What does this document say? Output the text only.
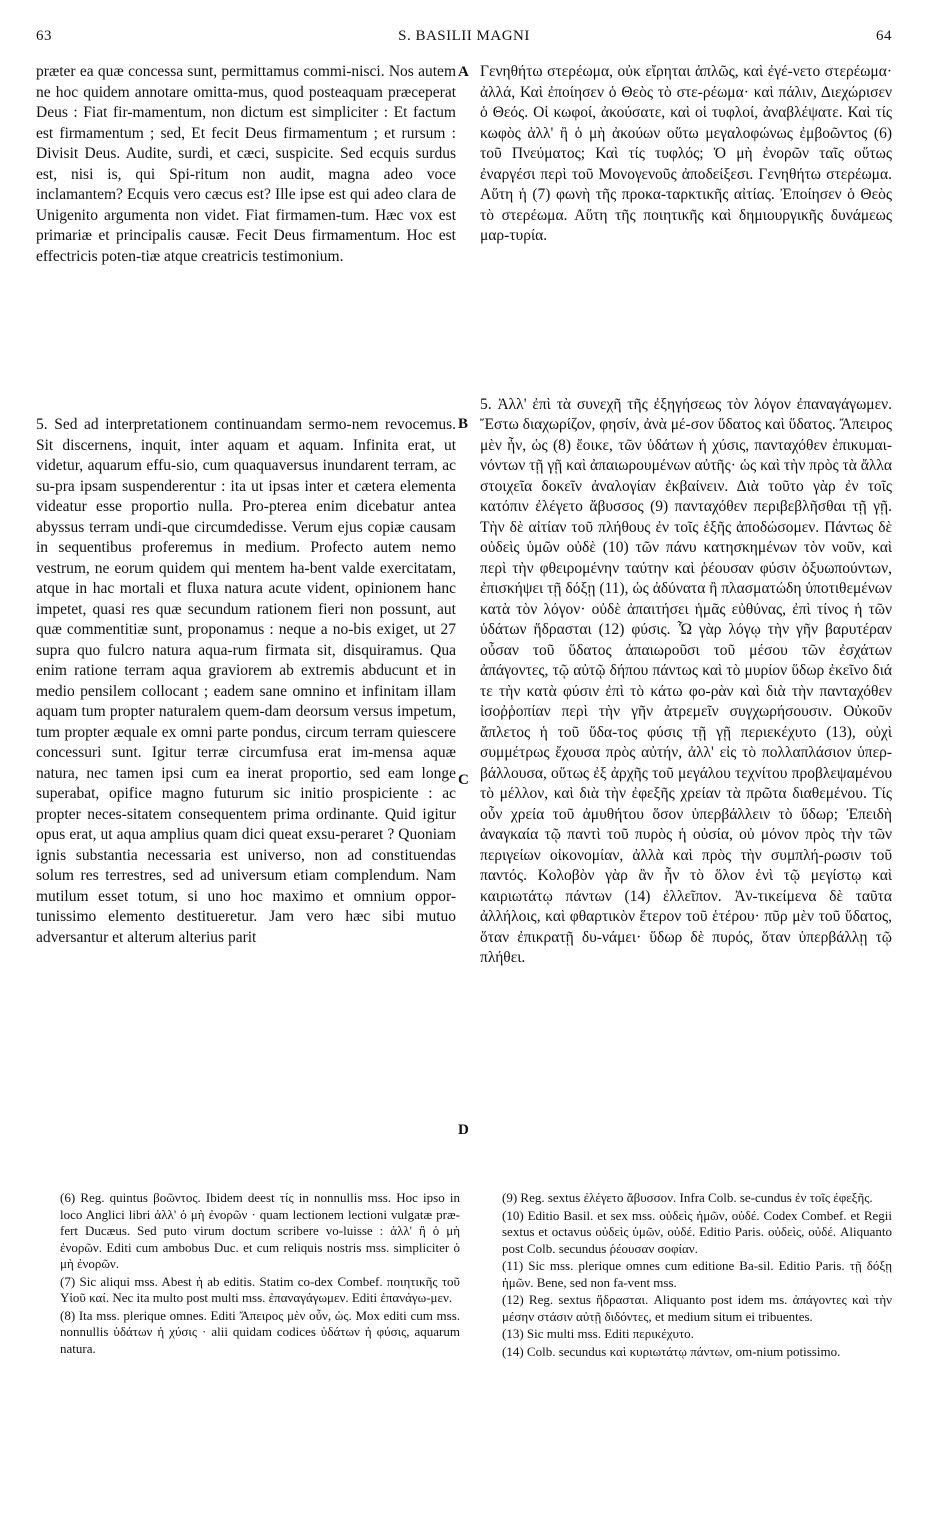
63	S. BASILII MAGNI	64

præter ea quæ concessa sunt, permittamus commi-nisci. Nos autem ne hoc quidem annotare omitta-mus, quod posteaquam præceperat Deus : Fiat fir-mamentum, non dictum est simpliciter : Et factum est firmamentum ; sed, Et fecit Deus firmamentum ; et rursum : Divisit Deus. Audite, surdi, et cæci, suspicite. Sed ecquis surdus est, nisi is, qui Spi-ritum non audit, magna adeo voce inclamantem? Ecquis vero cæcus est? Ille ipse est qui adeo clara de Unigenito argumenta non videt. Fiat firmamen-tum. Hæc vox est primariæ et principalis causæ. Fecit Deus firmamentum. Hoc est effectricis poten-tiæ atque creatricis testimonium.

5. Sed ad interpretationem continuandam sermo-nem revocemus. Sit discernens, inquit, inter aquam et aquam. Infinita erat, ut videtur, aquarum effu-sio, cum quaquaversus inundarent terram, ac su-pra ipsam suspenderentur : ita ut ipsas inter et cætera elementa videatur esse proportio nulla. Pro-pterea enim dicebatur antea abyssus terram undi-que circumdedisse. Verum ejus copiæ causam in sequentibus proferemus in medium. Profecto autem nemo vestrum, ne eorum quidem qui mentem ha-bent valde exercitatam, atque in hac mortali et fluxa natura acute vident, opinionem hanc impetet, quasi res quæ secundum rationem fieri non possunt, aut quæ commentitiæ sunt, proponamus : neque a no-bis exiget, ut 27 supra quo fulcro natura aqua-rum firmata sit, disquiramus. Qua enim ratione terram aqua graviorem ab extremis abducunt et in medio pensilem collocant ; eadem sane omnino et infinitam illam aquam tum propter naturalem quem-dam deorsum versus impetum, tum propter æquale ex omni parte pondus, circum terram quiescere concessuri sunt. Igitur terræ circumfusa erat im-mensa aquæ natura, nec tamen ipsi cum ea inerat proportio, sed eam longe superabat, opifice magno futurum sic initio prospiciente : ac propter neces-sitatem consequentem prima ordinante. Quid igitur opus erat, ut aqua amplius quam dici queat exsu-peraret ? Quoniam ignis substantia necessaria est universo, non ad constituendas solum res terrestres, sed ad universum etiam complendum. Nam mutilum esset totum, si uno hoc maximo et omnium oppor-tunissimo elemento destitueretur. Jam vero hæc sibi mutuo adversantur et alterum alterius parit

A
B
C
D

Γενηθήτω στερέωμα, οὐκ εἴρηται ἁπλῶς, καὶ ἐγέ-νετο στερέωμα· ἀλλά, Καὶ ἐποίησεν ὁ Θεὸς τὸ στε-ρέωμα· καὶ πάλιν, Διεχώρισεν ὁ Θεός. Οἱ κωφοί, ἀκούσατε, καὶ οἱ τυφλοί, ἀναβλέψατε. Καὶ τίς κωφὸς ἀλλ' ἢ ὁ μὴ ἀκούων οὕτω μεγαλοφώνως ἐμβοῶντος (6) τοῦ Πνεύματος; Καὶ τίς τυφλός; Ὁ μὴ ἐνορῶν ταῖς οὕτως ἐναργέσι περὶ τοῦ Μονογενοῦς ἀποδείξεσι. Γενηθήτω στερέωμα. Αὕτη ἡ (7) φωνὴ τῆς προκα-ταρκτικῆς αἰτίας. Ἐποίησεν ὁ Θεὸς τὸ στερέωμα. Αὕτη τῆς ποιητικῆς καὶ δημιουργικῆς δυνάμεως μαρ-τυρία.

5. Ἀλλ' ἐπὶ τὰ συνεχῆ τῆς ἐξηγήσεως τὸν λόγον ἐπαναγάγωμεν. Ἔστω διαχωρίζον, φησίν, ἀνὰ μέ-σον ὕδατος καὶ ὕδατος. Ἄπειρος μὲν ἦν, ὡς (8) ἔοικε, τῶν ὑδάτων ἡ χύσις, πανταχόθεν ἐπικυμαι-νόντων τῇ γῇ καὶ ἀπαιωρουμένων αὐτῆς· ὡς καὶ τὴν πρὸς τὰ ἄλλα στοιχεῖα δοκεῖν ἀναλογίαν ἐκβαίνειν. Διὰ τοῦτο γὰρ ἐν τοῖς κατόπιν ἐλέγετο ἄβυσσος (9) πανταχόθεν περιβεβλῆσθαι τῇ γῇ. Τὴν δὲ αἰτίαν τοῦ πλήθους ἐν τοῖς ἑξῆς ἀποδώσομεν. Πάντως δὲ οὐδεὶς ὑμῶν οὐδὲ (10) τῶν πάνυ κατησκημένων τὸν νοῦν, καὶ περὶ τὴν φθειρομένην ταύτην καὶ ῥέουσαν φύσιν ὀξυωπούντων, ἐπισκήψει τῇ δόξῃ (11), ὡς ἀδύνατα ἢ πλασματώδη ὑποτιθεμένων κατὰ τὸν λόγον· οὐδὲ ἀπαιτήσει ἡμᾶς εὐθύνας, ἐπὶ τίνος ἡ τῶν ὑδάτων ἥδρασται (12) φύσις. Ὧ γὰρ λόγῳ τὴν γῆν βαρυτέραν οὖσαν τοῦ ὕδατος ἀπαιωροῦσι τοῦ μέσου τῶν ἐσχάτων ἀπάγοντες, τῷ αὐτῷ δήπου πάντως καὶ τὸ μυρίον ὕδωρ ἐκεῖνο διά τε τὴν κατὰ φύσιν ἐπὶ τὸ κάτω φο-ρὰν καὶ διὰ τὴν πανταχόθεν ἰσοῤῥοπίαν περὶ τὴν γῆν ἀτρεμεῖν συγχωρήσουσιν. Οὐκοῦν ἄπλετος ἡ τοῦ ὕδα-τος φύσις τῇ γῇ περιεκέχυτο (13), οὐχὶ συμμέτρως ἔχουσα πρὸς αὐτήν, ἀλλ' εἰς τὸ πολλαπλάσιον ὑπερ-βάλλουσα, οὕτως ἐξ ἀρχῆς τοῦ μεγάλου τεχνίτου προβλεψαμένου τὸ μέλλον, καὶ διὰ τὴν ἐφεξῆς χρείαν τὰ πρῶτα διαθεμένου. Τίς οὖν χρεία τοῦ ἀμυθήτου ὅσον ὑπερβάλλειν τὸ ὕδωρ; Ἐπειδὴ ἀναγκαία τῷ παντὶ τοῦ πυρὸς ἡ οὐσία, οὐ μόνον πρὸς τὴν τῶν περιγείων οἰκονομίαν, ἀλλὰ καὶ πρὸς τὴν συμπλή-ρωσιν τοῦ παντός. Κολοβὸν γὰρ ἂν ἦν τὸ ὅλον ἑνὶ τῷ μεγίστῳ καὶ καιριωτάτῳ πάντων (14) ἐλλεῖπον. Ἀν-τικείμενα δὲ ταῦτα ἀλλήλοις, καὶ φθαρτικὸν ἕτερον τοῦ ἑτέρου· πῦρ μὲν τοῦ ὕδατος, ὅταν ἐπικρατῇ δυ-νάμει· ὕδωρ δὲ πυρός, ὅταν ὑπερβάλλῃ τῷ πλήθει.

(6) Reg. quintus βοῶντος. Ibidem deest τίς in nonnullis mss. Hoc ipso in loco Anglici libri ἀλλ' ὁ μὴ ἐνορῶν · quam lectionem lectioni vulgatæ præ-fert Ducæus. Sed puto virum doctum scribere vo-luisse : ἀλλ' ἢ ὁ μὴ ἐνορῶν. Editi cum ambobus Duc. et cum reliquis nostris mss. simpliciter ὁ μὴ ἐνορῶν.

(7) Sic aliqui mss. Abest ἡ ab editis. Statim co-dex Combef. ποιητικῆς τοῦ Υἱοῦ καί. Nec ita multo post multi mss. ἐπαναγάγωμεν. Editi ἐπανάγω-μεν.

(8) Ita mss. plerique omnes. Editi Ἄπειρος μὲν οὖν, ὡς. Mox editi cum mss. nonnullis ὑδάτων ἡ χύσις · alii quidam codices ὑδάτων ἡ φύσις, aquarum natura.

(9) Reg. sextus ἐλέγετο ἄβυσσον. Infra Colb. se-cundus ἐν τοῖς ἐφεξῆς.

(10) Editio Basil. et sex mss. οὐδεὶς ἡμῶν, οὐδέ. Codex Combef. et Regii sextus et octavus οὐδεὶς ὑμῶν, οὐδέ. Editio Paris. οὐδεὶς, οὐδέ. Aliquanto post Colb. secundus ῥέουσαν σοφίαν.

(11) Sic mss. plerique omnes cum editione Ba-sil. Editio Paris. τῇ δόξῃ ἡμῶν. Bene, sed non fa-vent mss.

(12) Reg. sextus ἥδρασται. Aliquanto post idem ms. ἀπάγοντες καὶ τὴν μέσην στάσιν αὐτῇ διδόντες, et medium situm ei tribuentes.

(13) Sic multi mss. Editi περικέχυτο.

(14) Colb. secundus καὶ κυριωτάτῳ πάντων, om-nium potissimo.
